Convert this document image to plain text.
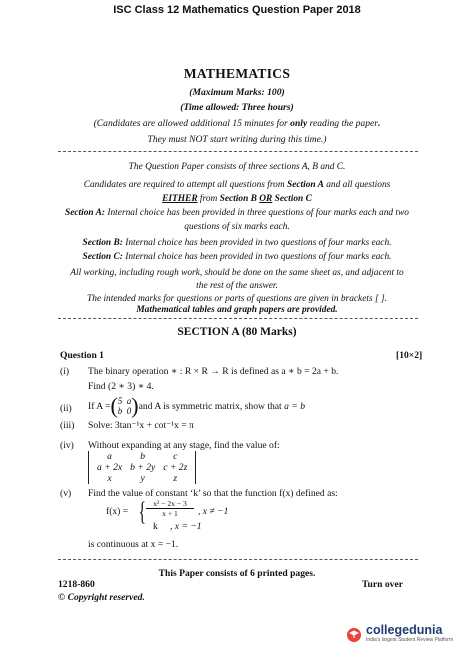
ISC Class 12 Mathematics Question Paper 2018
MATHEMATICS
(Maximum Marks: 100)
(Time allowed: Three hours)
(Candidates are allowed additional 15 minutes for only reading the paper.
They must NOT start writing during this time.)
The Question Paper consists of three sections A, B and C.
Candidates are required to attempt all questions from Section A and all questions
EITHER from Section B OR Section C
Section A: Internal choice has been provided in three questions of four marks each and two
questions of six marks each.
Section B: Internal choice has been provided in two questions of four marks each.
Section C: Internal choice has been provided in two questions of four marks each.
All working, including rough work, should be done on the same sheet as, and adjacent to
the rest of the answer.
The intended marks for questions or parts of questions are given in brackets [ ].
Mathematical tables and graph papers are provided.
SECTION A (80 Marks)
Question 1	[10×2]
(i) The binary operation ∗ : R × R → R is defined as a ∗ b = 2a + b.
Find (2 ∗ 3) ∗ 4.
(ii) If A = ( 5 a
b 0 ) and A is symmetric matrix, show that
a = b
(iii) Solve: 3tan⁻¹x + cot⁻¹x = π
(iv) Without expanding at any stage, find the value of:
a	b	c
a + 2x	b + 2y	c + 2z
x	y	z
(v) Find the value of constant ‘k’ so that the function f(x) defined as:
f(x) = { x² − 2x − 3
x + 1	, x ≠ −1
k , x = −1
is continuous at x = −1.
This Paper consists of 6 printed pages.
1218-860	Turn over
© Copyright reserved.
collegedunia
India's largest Student Review Platform
